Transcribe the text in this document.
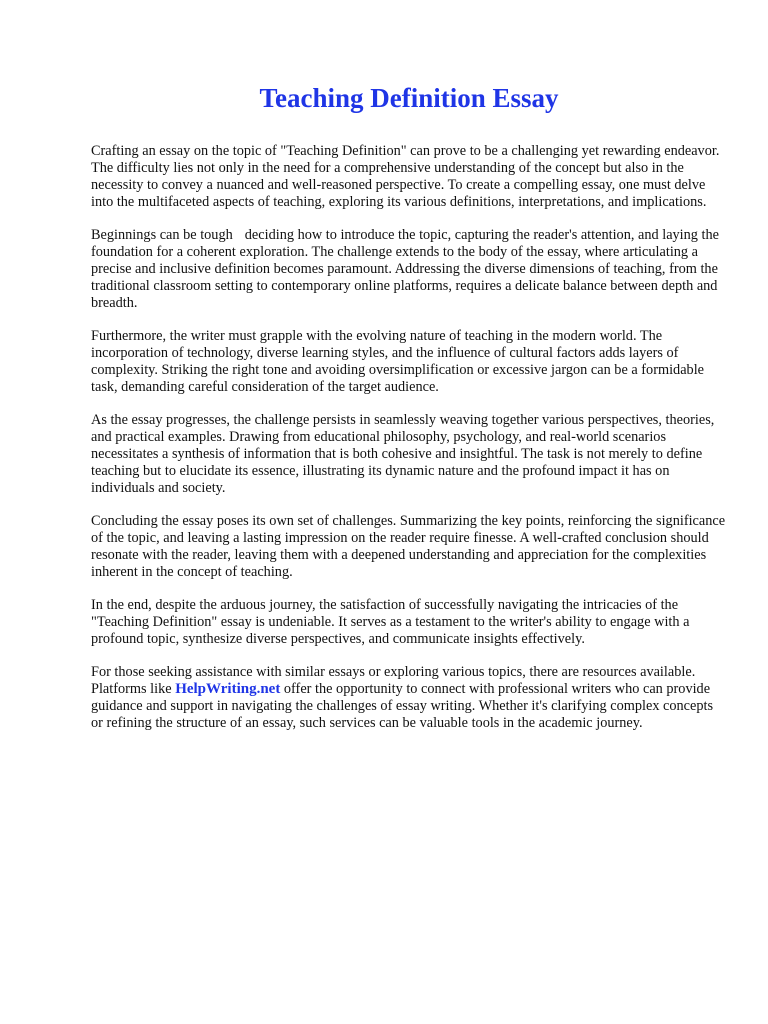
Teaching Definition Essay

Crafting an essay on the topic of "Teaching Definition" can prove to be a challenging yet rewarding endeavor. The difficulty lies not only in the need for a comprehensive understanding of the concept but also in the necessity to convey a nuanced and well-reasoned perspective. To create a compelling essay, one must delve into the multifaceted aspects of teaching, exploring its various definitions, interpretations, and implications.

Beginnings can be tough deciding how to introduce the topic, capturing the reader's attention, and laying the foundation for a coherent exploration. The challenge extends to the body of the essay, where articulating a precise and inclusive definition becomes paramount. Addressing the diverse dimensions of teaching, from the traditional classroom setting to contemporary online platforms, requires a delicate balance between depth and breadth.

Furthermore, the writer must grapple with the evolving nature of teaching in the modern world. The incorporation of technology, diverse learning styles, and the influence of cultural factors adds layers of complexity. Striking the right tone and avoiding oversimplification or excessive jargon can be a formidable task, demanding careful consideration of the target audience.

As the essay progresses, the challenge persists in seamlessly weaving together various perspectives, theories, and practical examples. Drawing from educational philosophy, psychology, and real-world scenarios necessitates a synthesis of information that is both cohesive and insightful. The task is not merely to define teaching but to elucidate its essence, illustrating its dynamic nature and the profound impact it has on individuals and society.

Concluding the essay poses its own set of challenges. Summarizing the key points, reinforcing the significance of the topic, and leaving a lasting impression on the reader require finesse. A well-crafted conclusion should resonate with the reader, leaving them with a deepened understanding and appreciation for the complexities inherent in the concept of teaching.

In the end, despite the arduous journey, the satisfaction of successfully navigating the intricacies of the "Teaching Definition" essay is undeniable. It serves as a testament to the writer's ability to engage with a profound topic, synthesize diverse perspectives, and communicate insights effectively.

For those seeking assistance with similar essays or exploring various topics, there are resources available. Platforms like HelpWriting.net offer the opportunity to connect with professional writers who can provide guidance and support in navigating the challenges of essay writing. Whether it's clarifying complex concepts or refining the structure of an essay, such services can be valuable tools in the academic journey.
